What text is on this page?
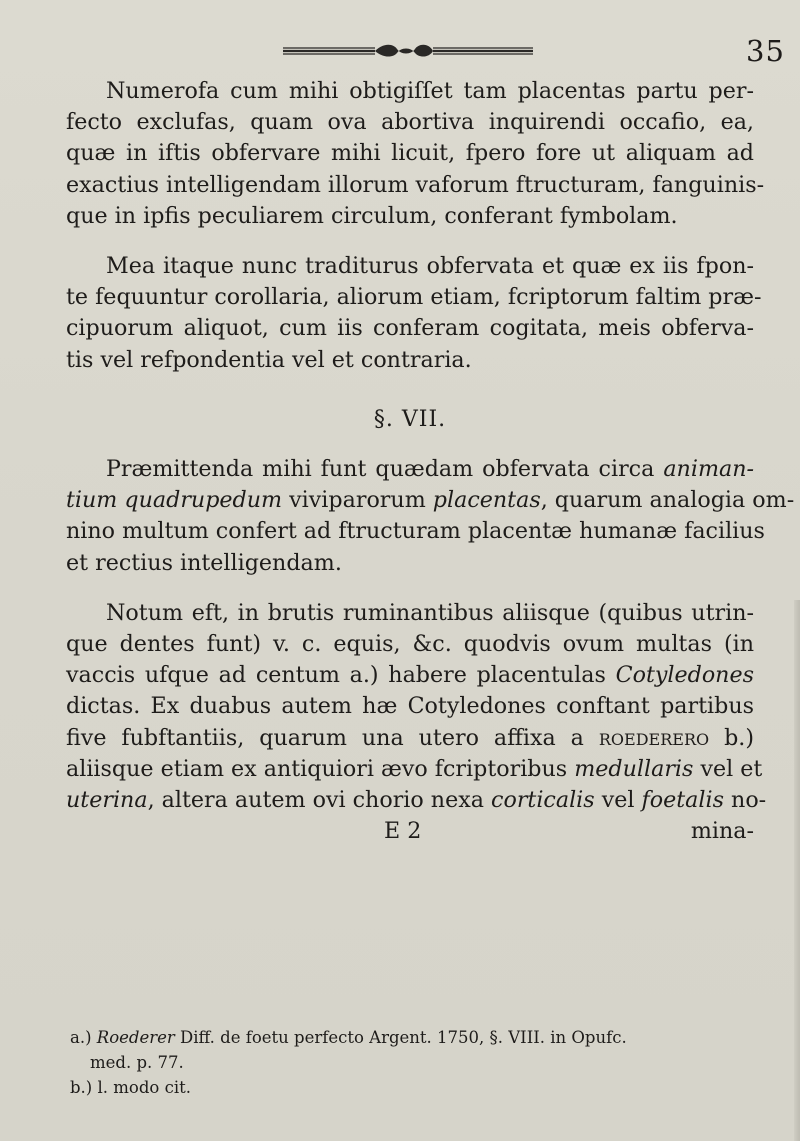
35
Numerofa cum mihi obtigiſſet tam placentas partu per-
fecto exclufas, quam ova abortiva inquirendi occafio, ea,
quæ in iftis obfervare mihi licuit, fpero fore ut aliquam ad
exactius intelligendam illorum vaforum ftructuram, fanguinis-
que in ipfis peculiarem circulum, conferant fymbolam.
Mea itaque nunc traditurus obfervata et quæ ex iis fpon-
te fequuntur corollaria, aliorum etiam, fcriptorum faltim præ-
cipuorum aliquot, cum iis conferam cogitata, meis obferva-
tis vel refpondentia vel et contraria.
§. VII.
Præmittenda mihi funt quædam obfervata circa animan-
tium quadrupedum viviparorum placentas, quarum analogia om-
nino multum confert ad ftructuram placentæ humanæ facilius
et rectius intelligendam.
Notum eft, in brutis ruminantibus aliisque (quibus utrin-
que dentes funt) v. c. equis, &c. quodvis ovum multas (in
vaccis ufque ad centum a.) habere placentulas Cotyledones
dictas. Ex duabus autem hæ Cotyledones conftant partibus
five fubftantiis, quarum una utero affixa a roedererо b.)
aliisque etiam ex antiquiori ævo fcriptoribus medullaris vel et
uterina, altera autem ovi chorio nexa corticalis vel foetalis no-
E 2	mina-
a.) Roederer Diff. de foetu perfecto Argent. 1750, §. VIII. in Opufc.
med. p. 77.
b.) l. modo cit.
